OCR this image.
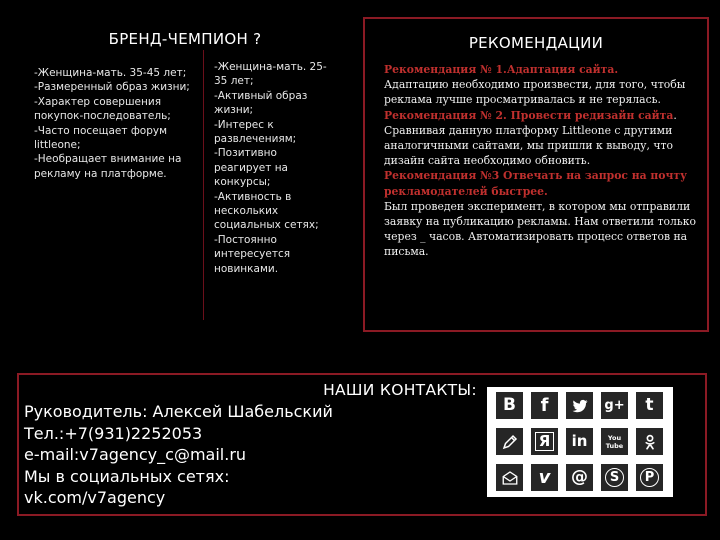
БРЕНД-ЧЕМПИОН ?
-Женщина-мать. 35-45 лет;
-Размеренный образ жизни;
-Характер совершения покупок-последователь;
-Часто посещает форум littleone;
-Необращает внимание на рекламу на платформе.
-Женщина-мать. 25-35 лет;
-Активный образ жизни;
-Интерес к развлечениям;
-Позитивно реагирует на конкурсы;
-Активность в нескольких социальных сетях;
-Постоянно интересуется новинками.
РЕКОМЕНДАЦИИ
Рекомендация № 1.Адаптация сайта.
Адаптацию необходимо произвести, для того, чтобы реклама лучше просматривалась и не терялась.
Рекомендация № 2. Провести редизайн сайта.
Сравнивая данную платформу Littleone с другими аналогичными сайтами, мы пришли к выводу, что дизайн сайта необходимо обновить.
Рекомендация №3 Отвечать на запрос на почту рекламодателей быстрее.
Был проведен эксперимент, в котором мы отправили заявку на публикацию рекламы. Нам ответили только через _ часов. Автоматизировать процесс ответов на письма.
НАШИ КОНТАКТЫ:
Руководитель: Алексей Шабельский
Тел.:+7(931)2252053
e-mail:v7agency_c@mail.ru
Мы в социальных сетях:
vk.com/v7agency
B f	g+ t
Я in	You Tube
v @	S	P
